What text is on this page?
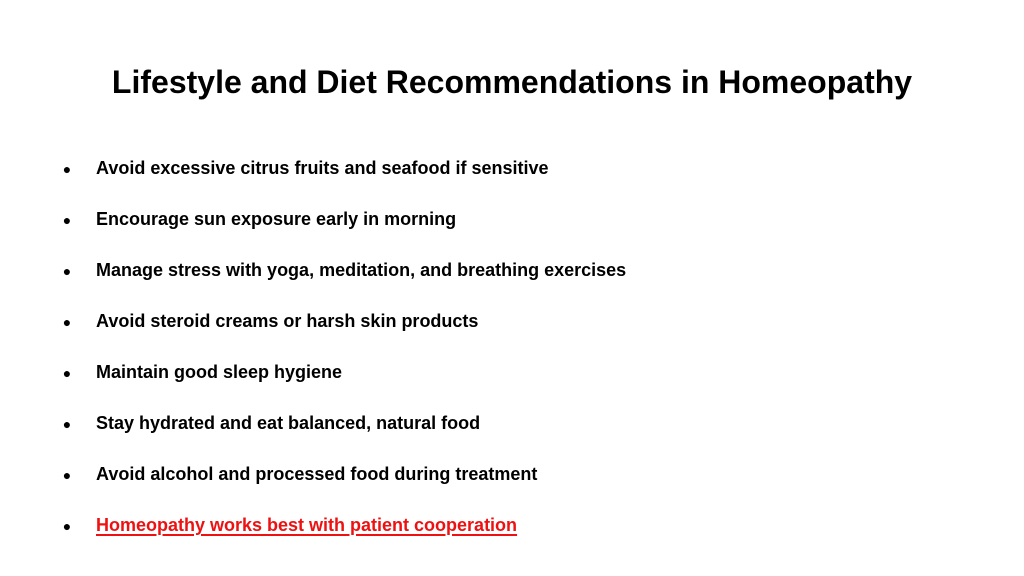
Lifestyle and Diet Recommendations in Homeopathy
● Avoid excessive citrus fruits and seafood if sensitive
● Encourage sun exposure early in morning
● Manage stress with yoga, meditation, and breathing exercises
● Avoid steroid creams or harsh skin products
● Maintain good sleep hygiene
● Stay hydrated and eat balanced, natural food
● Avoid alcohol and processed food during treatment
● Homeopathy works best with patient cooperation
